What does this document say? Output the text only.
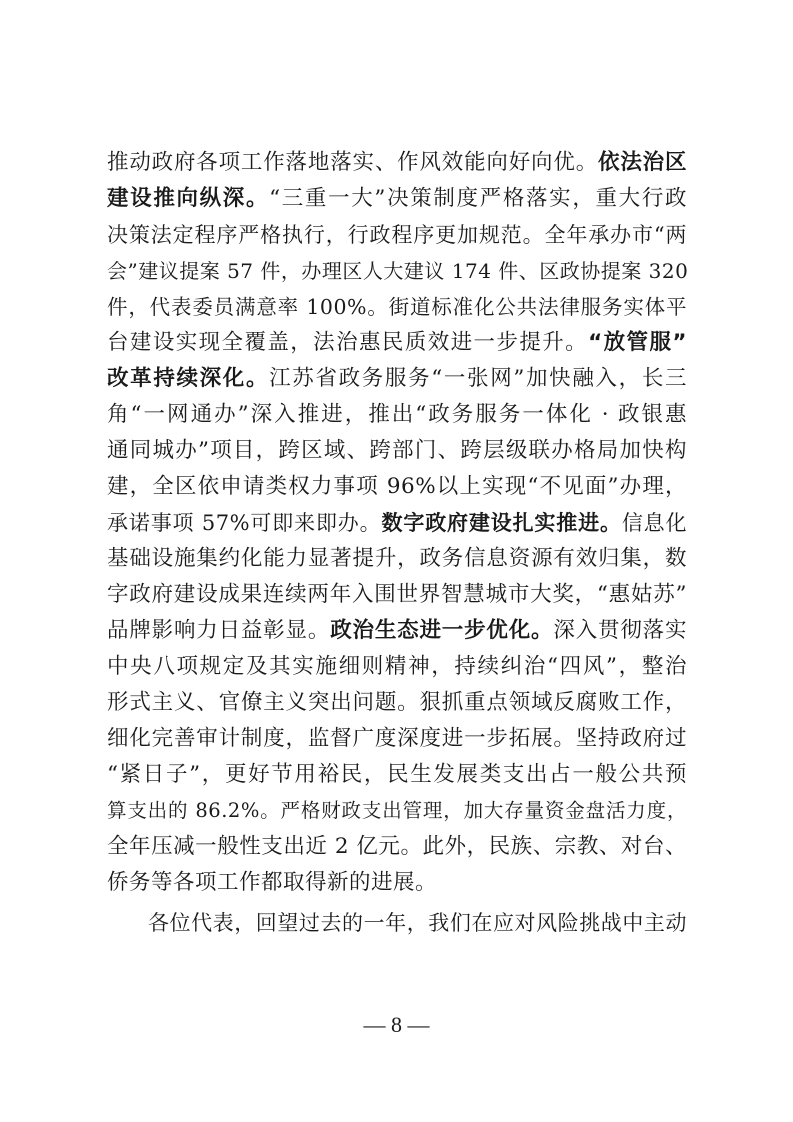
推动政府各项工作落地落实、作风效能向好向优。依法治区
建设推向纵深。“三重一大”决策制度严格落实，重大行政
决策法定程序严格执行，行政程序更加规范。全年承办市“两
会”建议提案 57 件，办理区人大建议 174 件、区政协提案 320
件，代表委员满意率 100%。街道标准化公共法律服务实体平
台建设实现全覆盖，法治惠民质效进一步提升。“放管服”
改革持续深化。江苏省政务服务“一张网”加快融入，长三
角“一网通办”深入推进，推出“政务服务一体化 · 政银惠
通同城办”项目，跨区域、跨部门、跨层级联办格局加快构
建，全区依申请类权力事项 96%以上实现“不见面”办理，
承诺事项 57%可即来即办。数字政府建设扎实推进。信息化
基础设施集约化能力显著提升，政务信息资源有效归集，数
字政府建设成果连续两年入围世界智慧城市大奖，“惠姑苏”
品牌影响力日益彰显。政治生态进一步优化。深入贯彻落实
中央八项规定及其实施细则精神，持续纠治“四风”，整治
形式主义、官僚主义突出问题。狠抓重点领域反腐败工作，
细化完善审计制度，监督广度深度进一步拓展。坚持政府过
“紧日子”，更好节用裕民，民生发展类支出占一般公共预
算支出的 86.2%。严格财政支出管理，加大存量资金盘活力度，
全年压减一般性支出近 2 亿元。此外，民族、宗教、对台、
侨务等各项工作都取得新的进展。
各位代表，回望过去的一年，我们在应对风险挑战中主动
— 8 —
